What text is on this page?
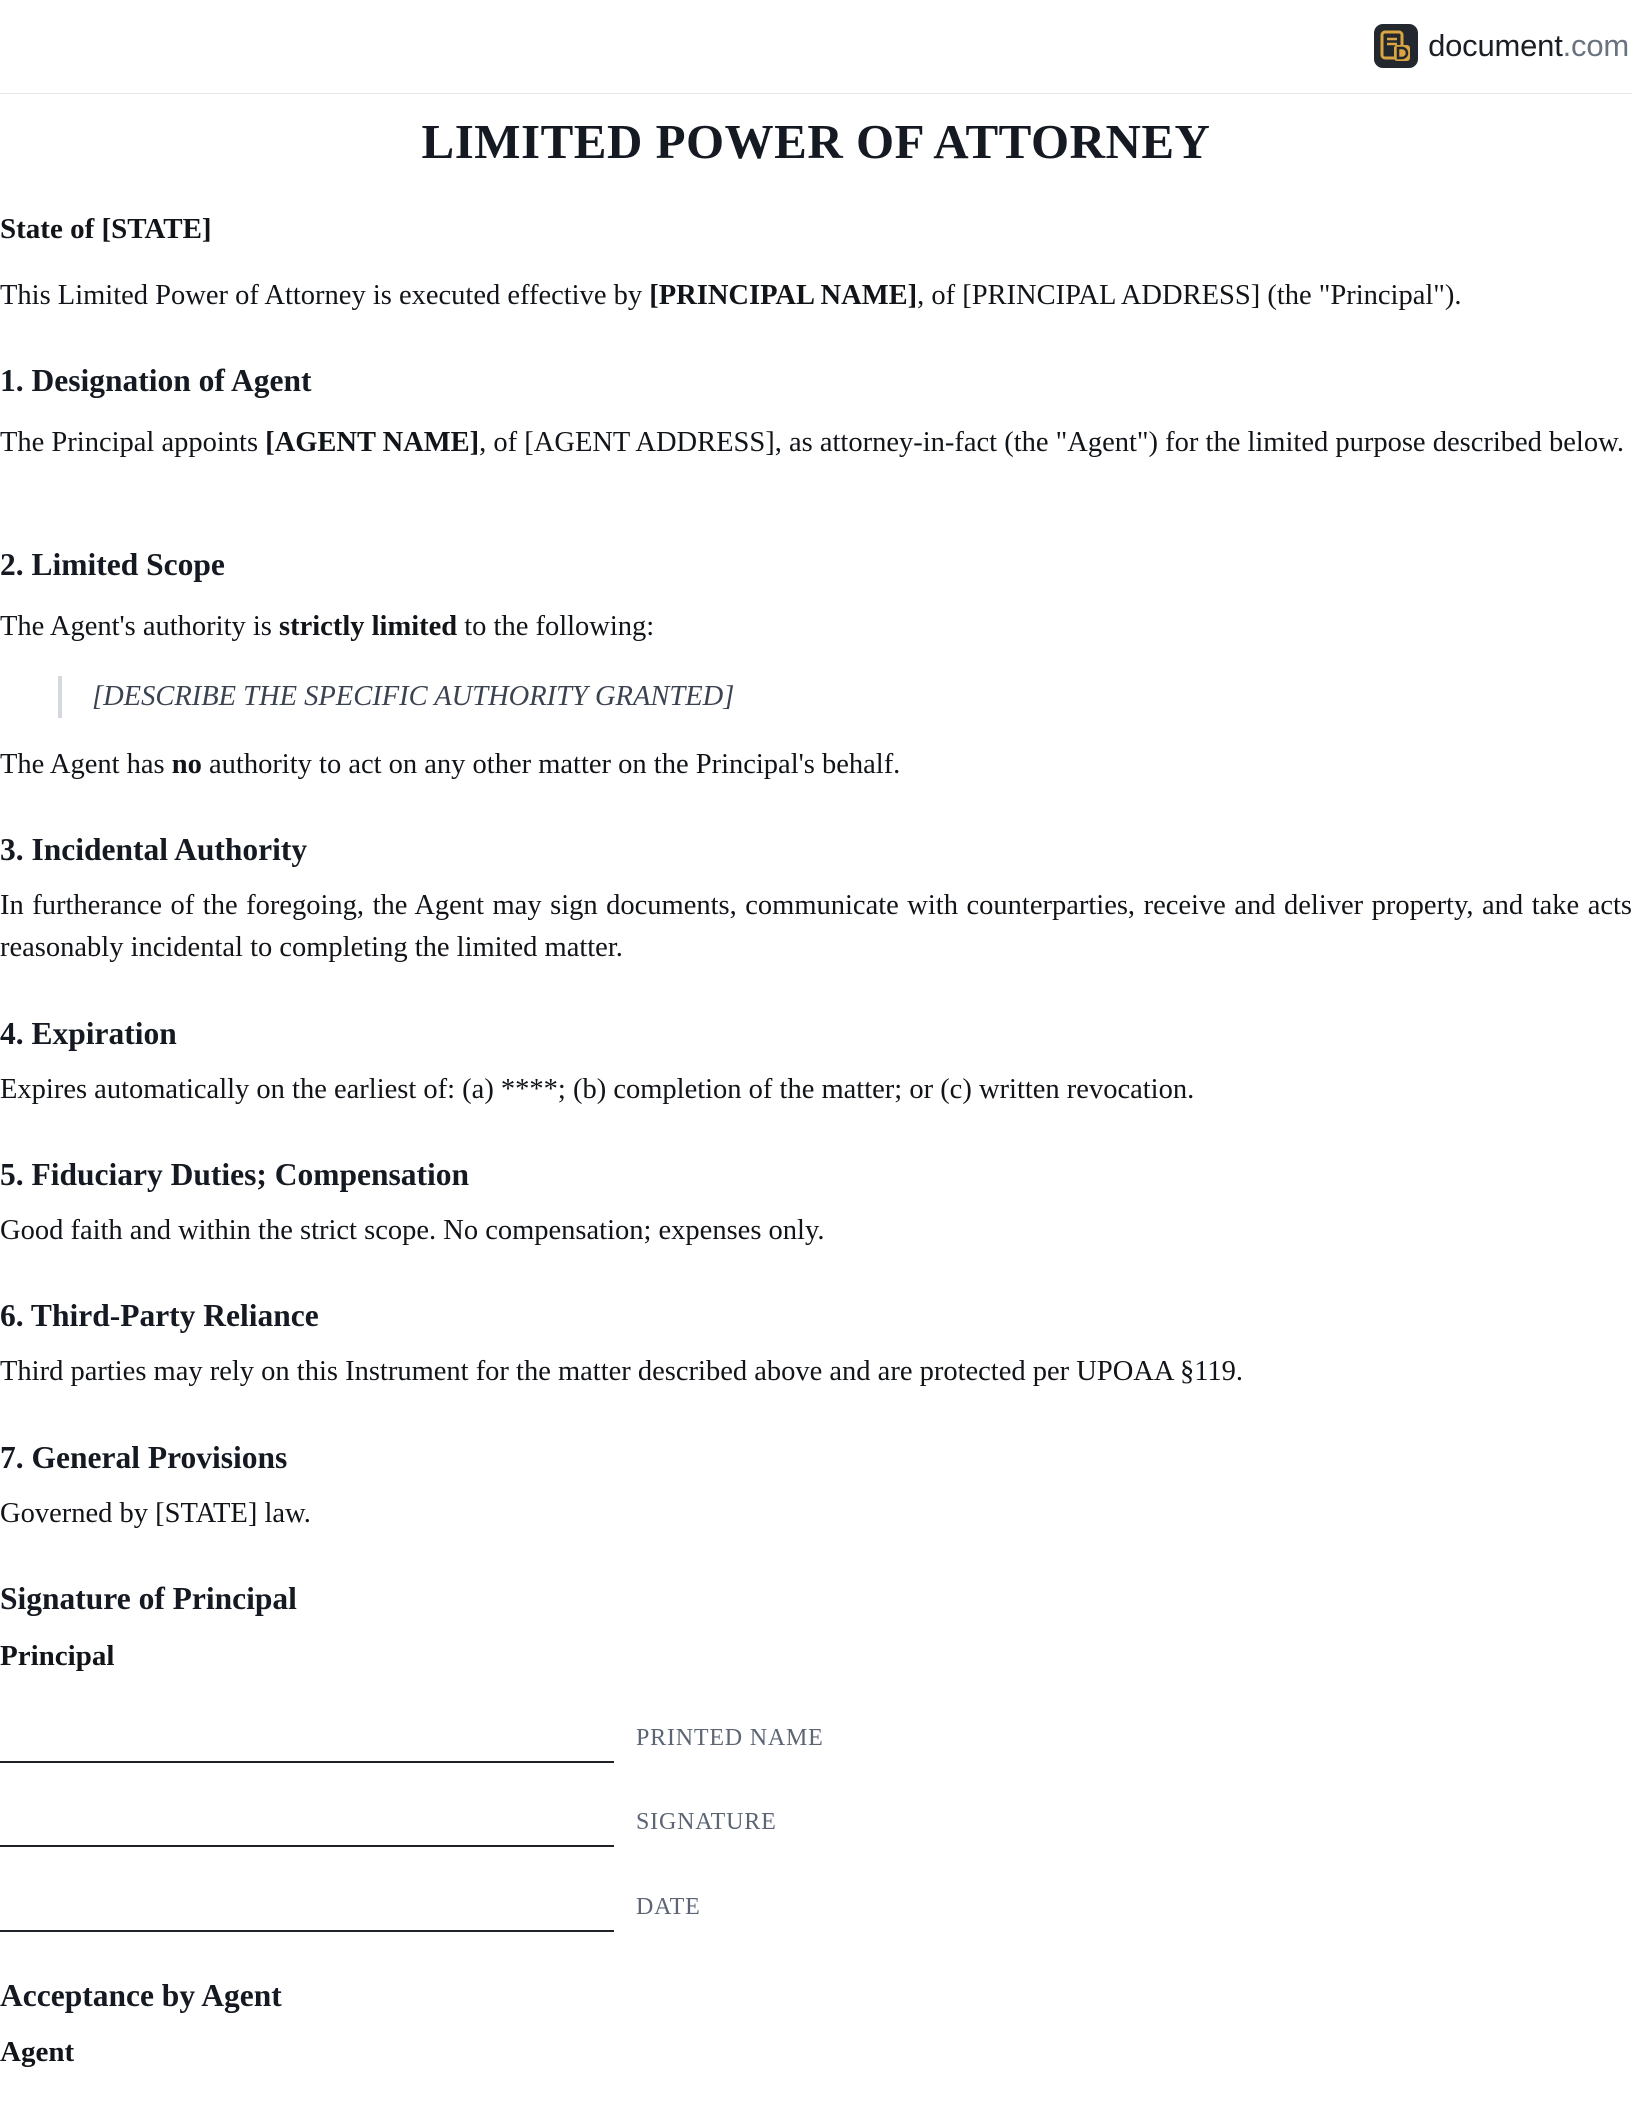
document.com
LIMITED POWER OF ATTORNEY
State of [STATE]

This Limited Power of Attorney is executed effective by [PRINCIPAL NAME], of [PRINCIPAL ADDRESS] (the "Principal").

1. Designation of Agent

The Principal appoints [AGENT NAME], of [AGENT ADDRESS], as attorney-in-fact (the "Agent") for the limited purpose described below.

2. Limited Scope

The Agent's authority is strictly limited to the following:

[DESCRIBE THE SPECIFIC AUTHORITY GRANTED]

The Agent has no authority to act on any other matter on the Principal's behalf.

3. Incidental Authority

In furtherance of the foregoing, the Agent may sign documents, communicate with counterparties, receive and deliver property, and take acts reasonably incidental to completing the limited matter.

4. Expiration

Expires automatically on the earliest of: (a) ****; (b) completion of the matter; or (c) written revocation.

5. Fiduciary Duties; Compensation

Good faith and within the strict scope. No compensation; expenses only.

6. Third-Party Reliance

Third parties may rely on this Instrument for the matter described above and are protected per UPOAA §119.

7. General Provisions

Governed by [STATE] law.

Signature of Principal
Principal
PRINTED NAME
SIGNATURE
DATE
Acceptance by Agent
Agent
